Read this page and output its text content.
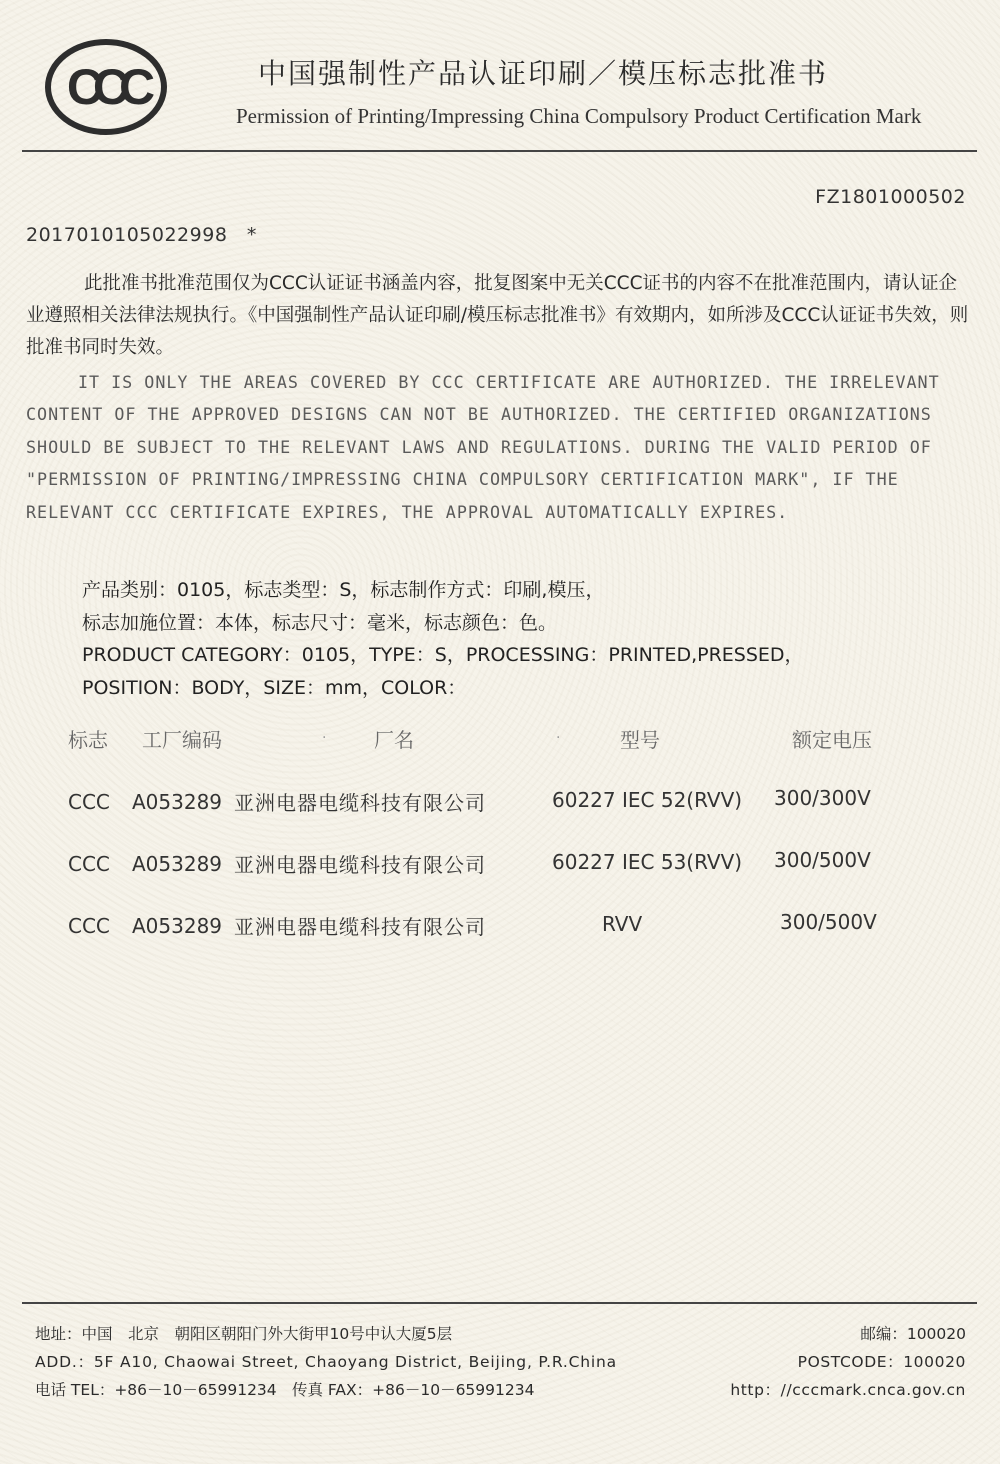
CCC	中国强制性产品认证印刷／模压标志批准书
Permission of Printing/Impressing China Compulsory Product Certification Mark
FZ1801000502
2017010105022998　*
此批准书批准范围仅为CCC认证证书涵盖内容，批复图案中无关CCC证书的内容不在批准范围内，请认证企业遵照相关法律法规执行。《中国强制性产品认证印刷/模压标志批准书》有效期内，如所涉及CCC认证证书失效，则批准书同时失效。
IT IS ONLY THE AREAS COVERED BY CCC CERTIFICATE ARE AUTHORIZED. THE IRRELEVANT CONTENT OF THE APPROVED DESIGNS CAN NOT BE AUTHORIZED. THE CERTIFIED ORGANIZATIONS SHOULD BE SUBJECT TO THE RELEVANT LAWS AND REGULATIONS. DURING THE VALID PERIOD OF "PERMISSION OF PRINTING/IMPRESSING CHINA COMPULSORY CERTIFICATION MARK", IF THE RELEVANT CCC CERTIFICATE EXPIRES, THE APPROVAL AUTOMATICALLY EXPIRES.
产品类别：0105，标志类型：S，标志制作方式：印刷,模压，
标志加施位置：本体，标志尺寸：毫米，标志颜色：色。
PRODUCT CATEGORY：0105，TYPE：S，PROCESSING：PRINTED,PRESSED，
POSITION：BODY，SIZE：mm，COLOR：
标志 工厂编码	厂名	型号	额定电压
·	·
CCC A053289 亚洲电器电缆科技有限公司	60227 IEC 52(RVV) 300/300V
CCC A053289 亚洲电器电缆科技有限公司	60227 IEC 53(RVV) 300/500V
CCC A053289 亚洲电器电缆科技有限公司	RVV	300/500V
地址：中国　北京　朝阳区朝阳门外大街甲10号中认大厦5层
ADD.：5F A10, Chaowai Street, Chaoyang District, Beijing, P.R.China
电话 TEL：+86－10－65991234 传真 FAX：+86－10－65991234
邮编：100020
POSTCODE：100020
http：//cccmark.cnca.gov.cn
